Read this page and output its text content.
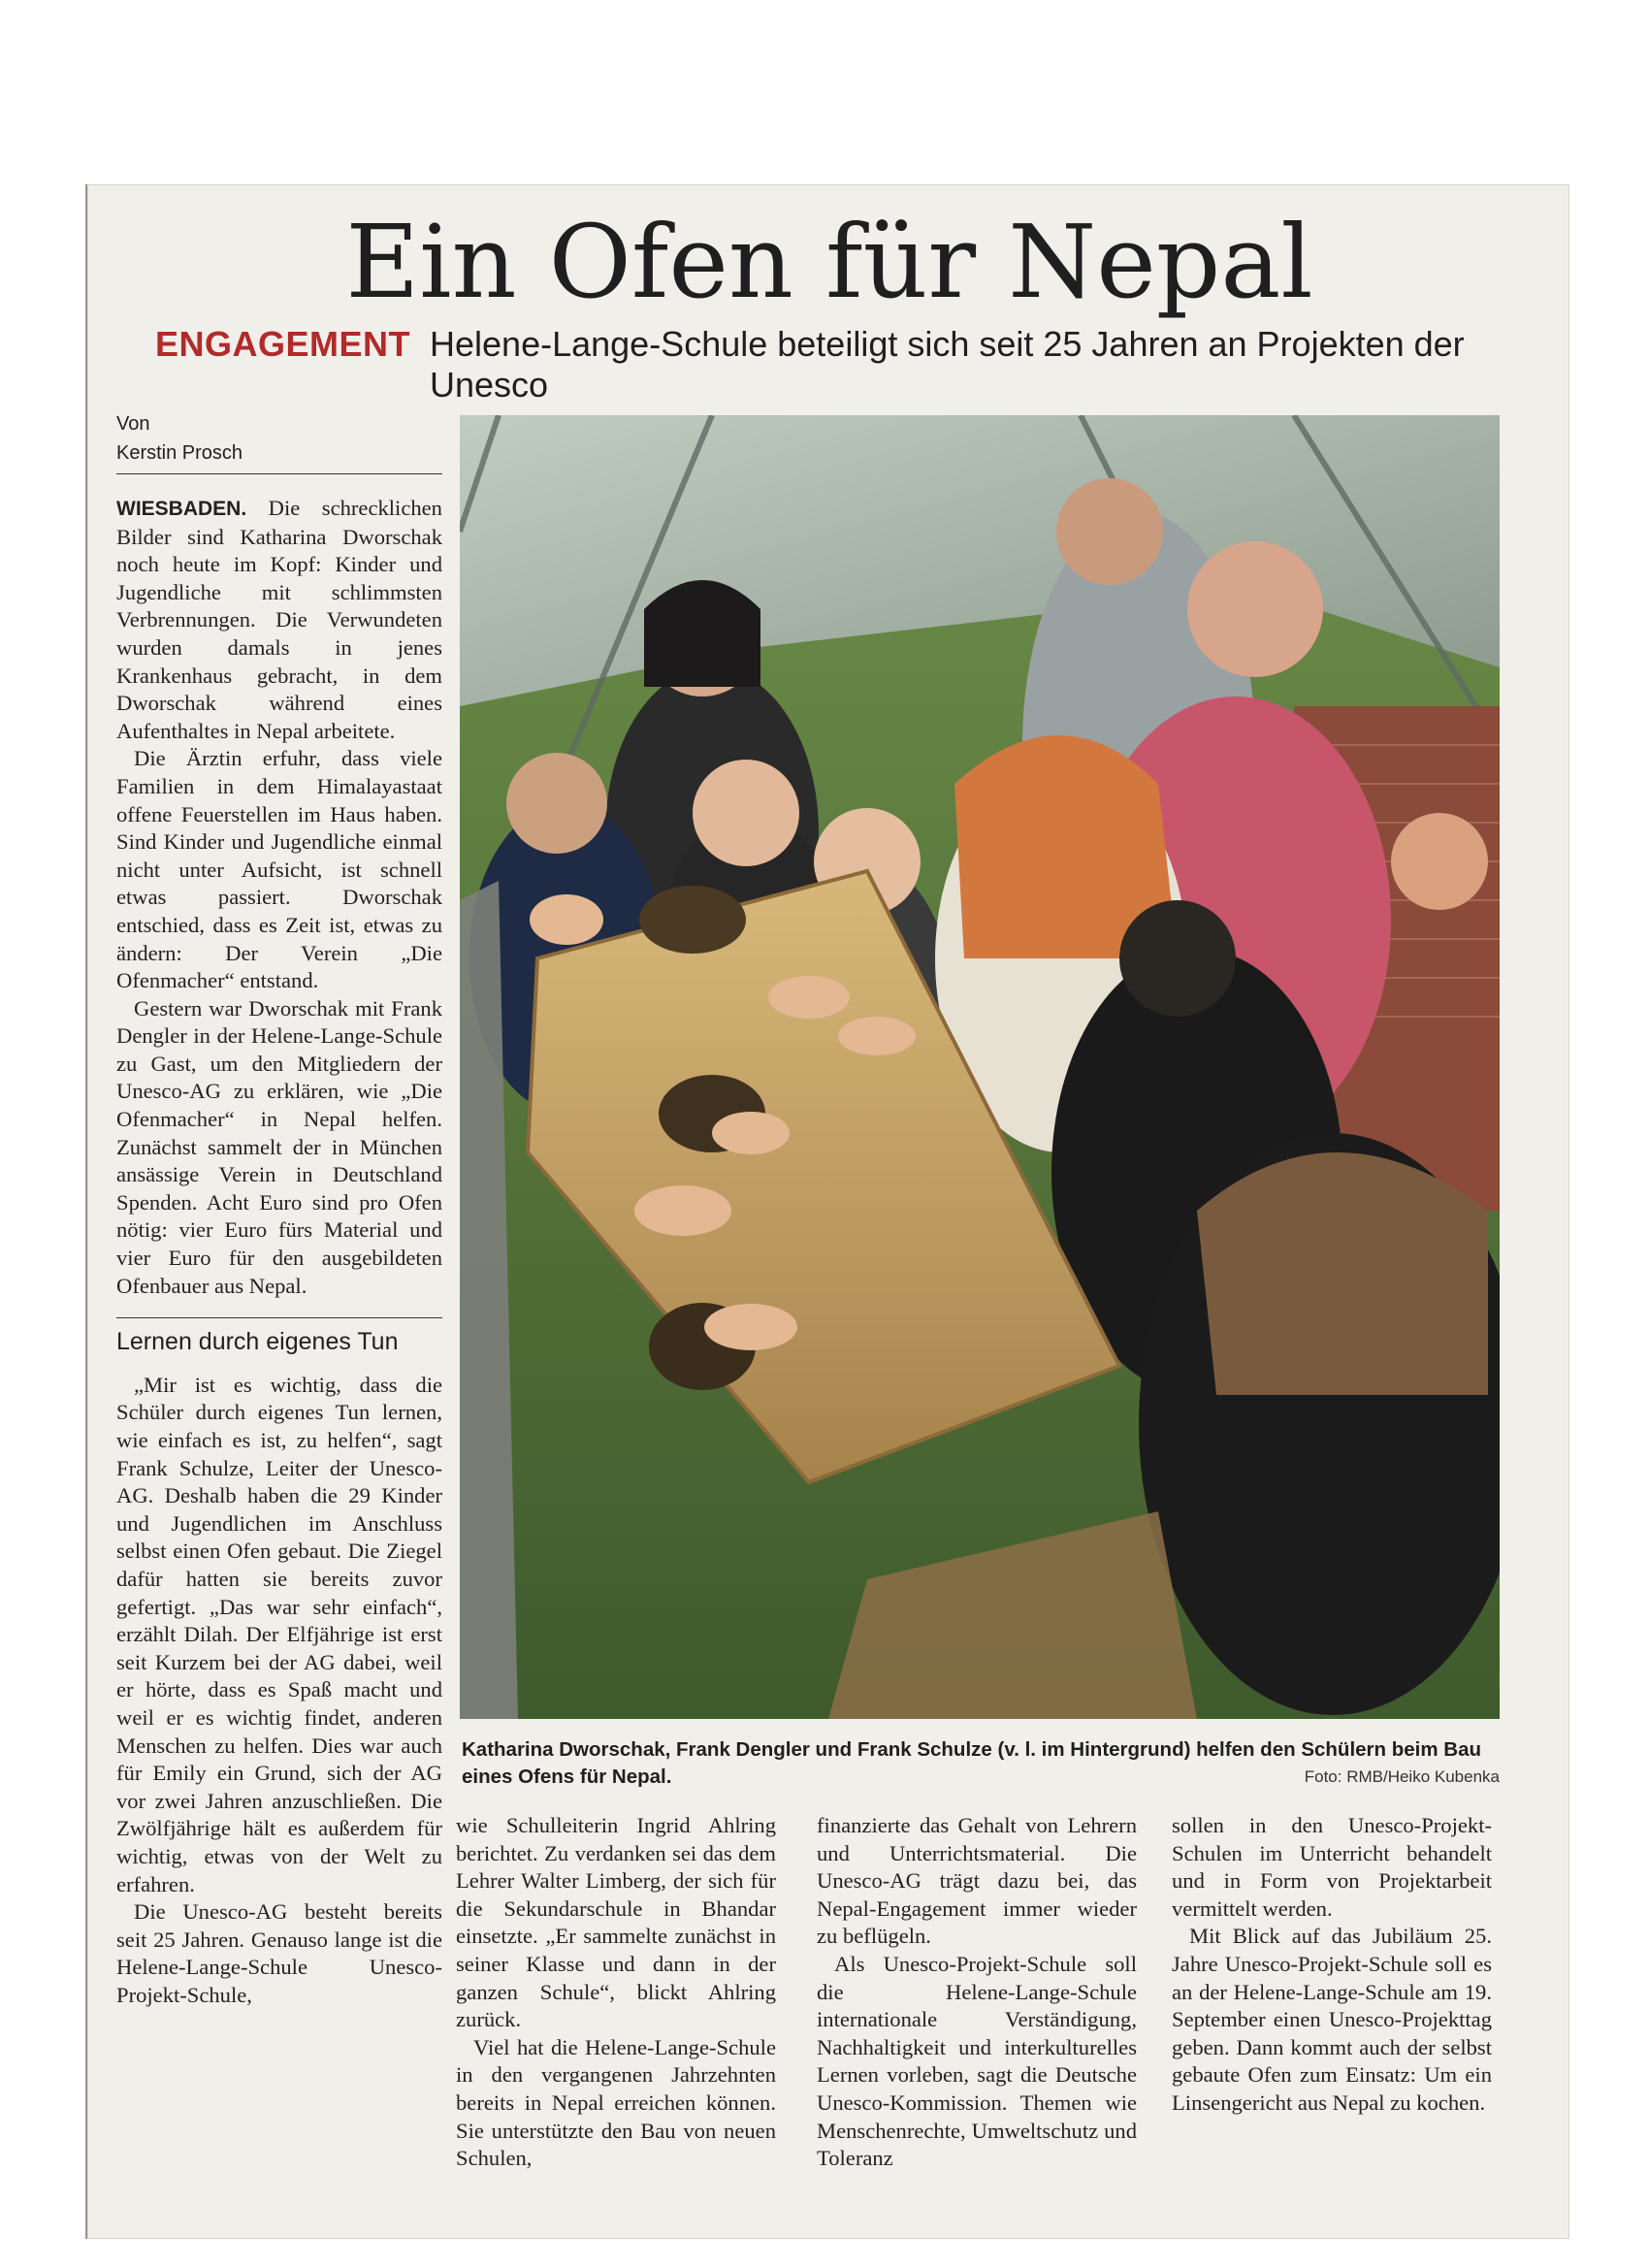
Ein Ofen für Nepal
ENGAGEMENT Helene-Lange-Schule beteiligt sich seit 25 Jahren an Projekten der Unesco
Von
Kerstin Prosch

WIESBADEN. Die schrecklichen Bilder sind Katharina Dworschak noch heute im Kopf: Kinder und Jugendliche mit schlimmsten Verbrennungen. Die Verwundeten wurden damals in jenes Krankenhaus gebracht, in dem Dworschak während eines Aufenthaltes in Nepal arbeitete.

Die Ärztin erfuhr, dass viele Familien in dem Himalayastaat offene Feuerstellen im Haus haben. Sind Kinder und Jugendliche einmal nicht unter Aufsicht, ist schnell etwas passiert. Dworschak entschied, dass es Zeit ist, etwas zu ändern: Der Verein „Die Ofenmacher“ entstand.

Gestern war Dworschak mit Frank Dengler in der Helene-Lange-Schule zu Gast, um den Mitgliedern der Unesco-AG zu erklären, wie „Die Ofenmacher“ in Nepal helfen. Zunächst sammelt der in München ansässige Verein in Deutschland Spenden. Acht Euro sind pro Ofen nötig: vier Euro fürs Material und vier Euro für den ausgebildeten Ofenbauer aus Nepal.

Lernen durch eigenes Tun

„Mir ist es wichtig, dass die Schüler durch eigenes Tun lernen, wie einfach es ist, zu helfen“, sagt Frank Schulze, Leiter der Unesco-AG. Deshalb haben die 29 Kinder und Jugendlichen im Anschluss selbst einen Ofen gebaut. Die Ziegel dafür hatten sie bereits zuvor gefertigt. „Das war sehr einfach“, erzählt Dilah. Der Elfjährige ist erst seit Kurzem bei der AG dabei, weil er hörte, dass es Spaß macht und weil er es wichtig findet, anderen Menschen zu helfen. Dies war auch für Emily ein Grund, sich der AG vor zwei Jahren anzuschließen. Die Zwölfjährige hält es außerdem für wichtig, etwas von der Welt zu erfahren.

Die Unesco-AG besteht bereits seit 25 Jahren. Genauso lange ist die Helene-Lange-Schule Unesco-Projekt-Schule,

Katharina Dworschak, Frank Dengler und Frank Schulze (v. l. im Hintergrund) helfen den Schülern beim Bau eines Ofens für Nepal.	Foto: RMB/Heiko Kubenka

wie Schulleiterin Ingrid Ahlring berichtet. Zu verdanken sei das dem Lehrer Walter Limberg, der sich für die Sekundarschule in Bhandar einsetzte. „Er sammelte zunächst in seiner Klasse und dann in der ganzen Schule“, blickt Ahlring zurück.

Viel hat die Helene-Lange-Schule in den vergangenen Jahrzehnten bereits in Nepal erreichen können. Sie unterstützte den Bau von neuen Schulen,

finanzierte das Gehalt von Lehrern und Unterrichtsmaterial. Die Unesco-AG trägt dazu bei, das Nepal-Engagement immer wieder zu beflügeln.

Als Unesco-Projekt-Schule soll die Helene-Lange-Schule internationale Verständigung, Nachhaltigkeit und interkulturelles Lernen vorleben, sagt die Deutsche Unesco-Kommission. Themen wie Menschenrechte, Umweltschutz und Toleranz

sollen in den Unesco-Projekt-Schulen im Unterricht behandelt und in Form von Projektarbeit vermittelt werden.

Mit Blick auf das Jubiläum 25. Jahre Unesco-Projekt-Schule soll es an der Helene-Lange-Schule am 19. September einen Unesco-Projekttag geben. Dann kommt auch der selbst gebaute Ofen zum Einsatz: Um ein Linsengericht aus Nepal zu kochen.
